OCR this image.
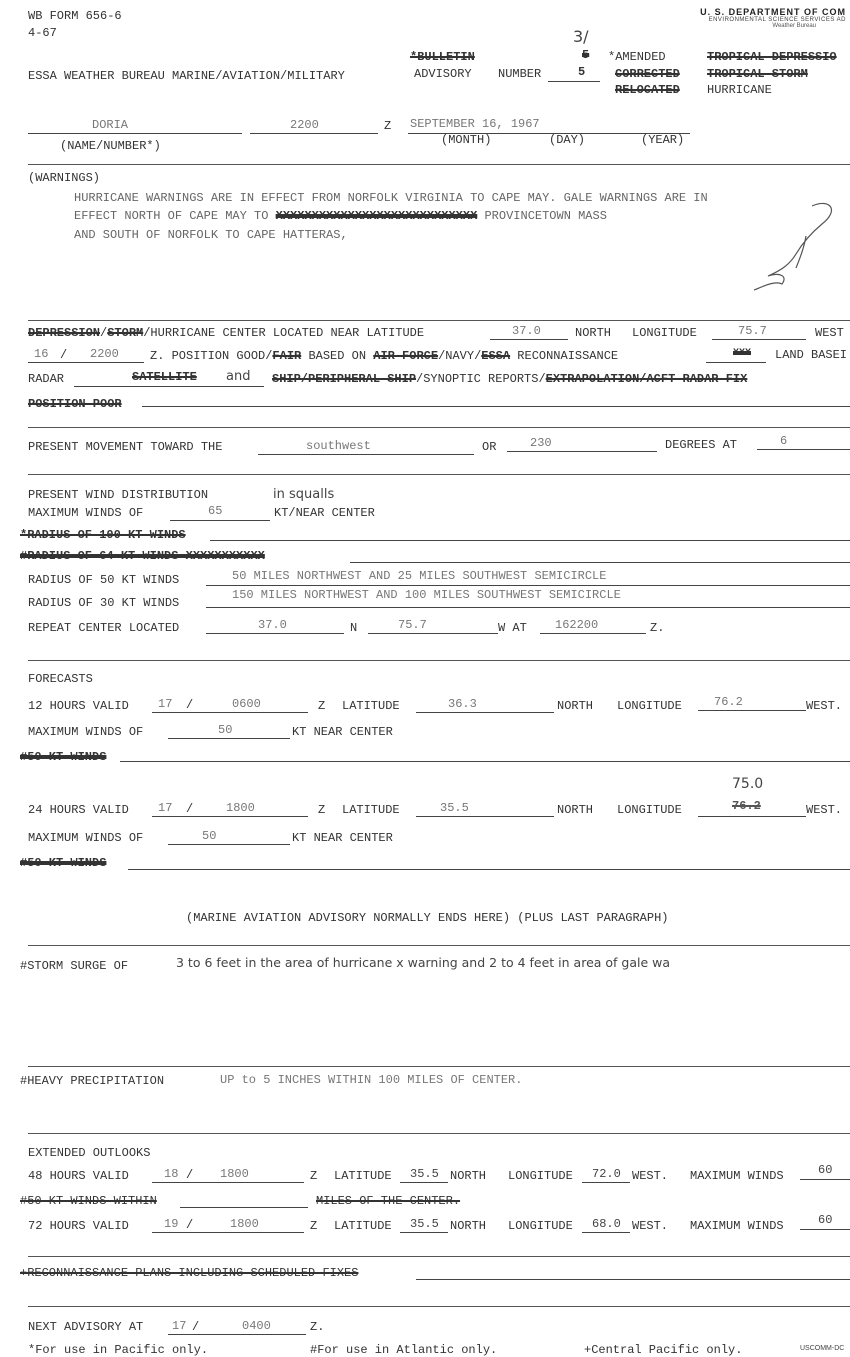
WB FORM 656-6
4-67
U. S. DEPARTMENT OF COM
ENVIRONMENTAL SCIENCE SERVICES AD
Weather Bureau
ESSA WEATHER BUREAU MARINE/AVIATION/MILITARY
*BULLETIN
ADVISORY NUMBER
3/
5
5
*AMENDED
CORRECTED
RELOCATED
TROPICAL DEPRESSIO
TROPICAL STORM
HURRICANE
DORIA	2200	Z SEPTEMBER 16, 1967
(NAME/NUMBER*)	(MONTH)	(DAY)	(YEAR)
(WARNINGS)
HURRICANE WARNINGS ARE IN EFFECT FROM NORFOLK VIRGINIA TO CAPE MAY. GALE WARNINGS ARE IN
EFFECT NORTH OF CAPE MAY TO XXXXXXXXXXXXXXXXXXXXXXXXXXXX PROVINCETOWN MASS
AND SOUTH OF NORFOLK TO CAPE HATTERAS,
DEPRESSION/STORM/HURRICANE CENTER LOCATED NEAR LATITUDE	37.0	NORTH LONGITUDE	75.7	WEST
16 / 2200	Z. POSITION GOOD/FAIR BASED ON AIR FORCE/NAVY/ESSA RECONNAISSANCE	XXX LAND BASEI
RADAR	SATELLITE and SHIP/PERIPHERAL SHIP/SYNOPTIC REPORTS/EXTRAPOLATION/ACFT RADAR FIX
POSITION POOR
PRESENT MOVEMENT TOWARD THE	southwest	OR	230	DEGREES AT	6
PRESENT WIND DISTRIBUTION	in squalls
MAXIMUM WINDS OF	65	KT/NEAR CENTER
*RADIUS OF 100 KT WINDS
#RADIUS OF 64 KT WINDS XXXXXXXXXXX
RADIUS OF 50 KT WINDS	50 MILES NORTHWEST AND 25 MILES SOUTHWEST SEMICIRCLE
RADIUS OF 30 KT WINDS
150 MILES NORTHWEST AND 100 MILES SOUTHWEST SEMICIRCLE
REPEAT CENTER LOCATED	37.0	N	75.7	W AT 162200	Z.
FORECASTS
12 HOURS VALID 17 /	0600	Z LATITUDE	36.3	NORTH LONGITUDE	76.2	WEST.
MAXIMUM WINDS OF	50	KT NEAR CENTER
#50 KT WINDS
75.0
24 HOURS VALID 17 /	1800	Z LATITUDE	35.5	NORTH LONGITUDE	76.2	WEST.
MAXIMUM WINDS OF	50	KT NEAR CENTER
#50 KT WINDS
(MARINE AVIATION ADVISORY NORMALLY ENDS HERE) (PLUS LAST PARAGRAPH)
#STORM SURGE OF	3 to 6 feet in the area of hurricane x warning and 2 to 4 feet in area of gale wa
#HEAVY PRECIPITATION	UP to 5 INCHES WITHIN 100 MILES OF CENTER.
EXTENDED OUTLOOKS
48 HOURS VALID	18 / 1800	Z LATITUDE 35.5 NORTH LONGITUDE 72.0 WEST. MAXIMUM WINDS	60
#50 KT WINDS WITHIN	MILES OF THE CENTER.
72 HOURS VALID	19 /	1800	Z LATITUDE 35.5 NORTH LONGITUDE 68.0 WEST. MAXIMUM WINDS	60
+RECONNAISSANCE PLANS INCLUDING SCHEDULED FIXES
NEXT ADVISORY AT 17 /	0400	Z.
*For use in Pacific only.	#For use in Atlantic only.	+Central Pacific only.	USCOMM-DC
